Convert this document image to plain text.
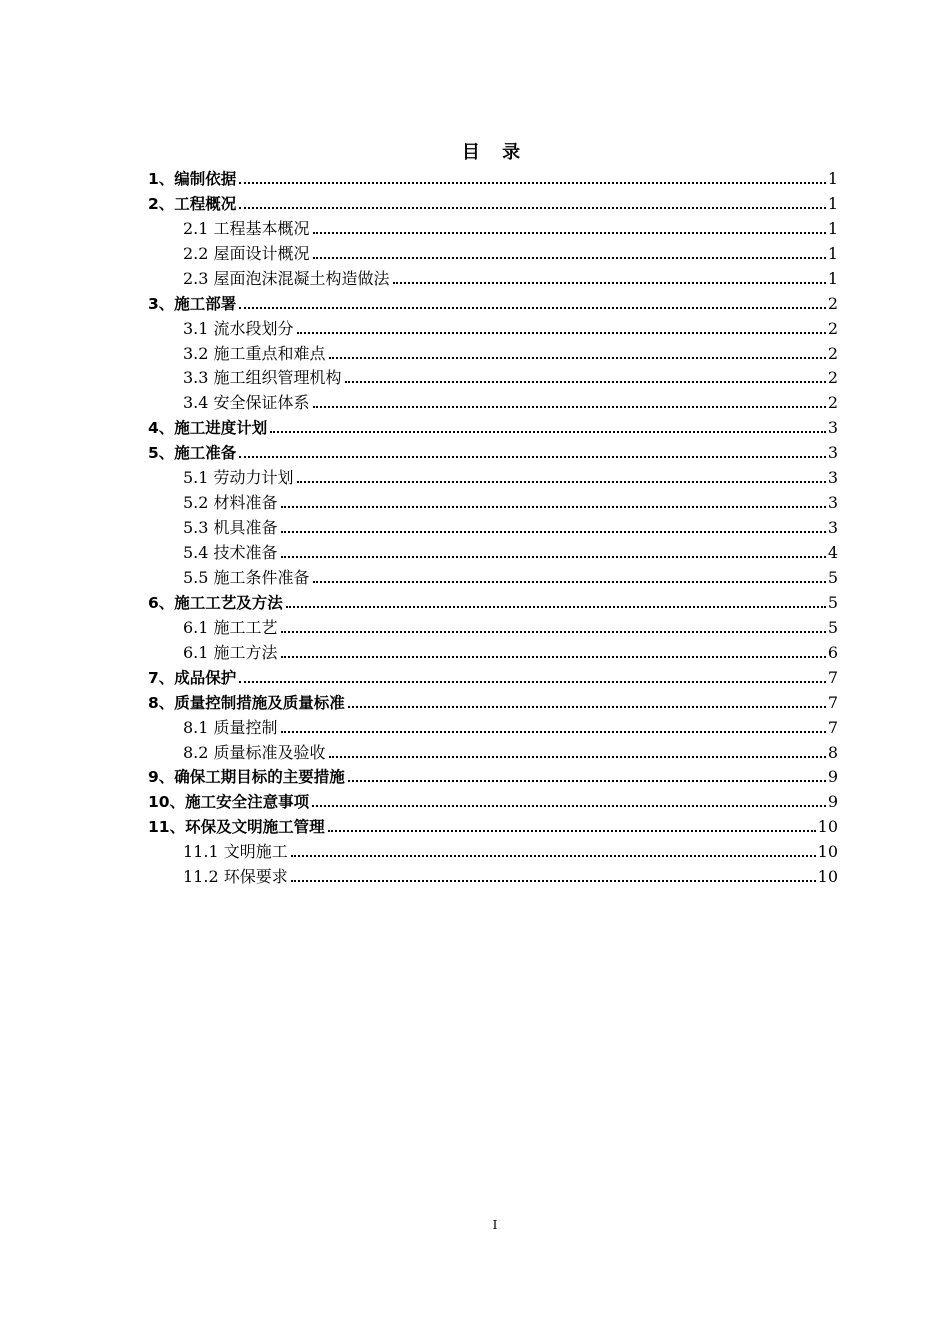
目 录
1、编制依据	1
2、工程概况	1
2.1 工程基本概况	1
2.2 屋面设计概况	1
2.3 屋面泡沫混凝土构造做法	1
3、施工部署	2
3.1 流水段划分	2
3.2 施工重点和难点	2
3.3 施工组织管理机构	2
3.4 安全保证体系	2
4、施工进度计划	3
5、施工准备	3
5.1 劳动力计划	3
5.2 材料准备	3
5.3 机具准备	3
5.4 技术准备	4
5.5 施工条件准备	5
6、施工工艺及方法	5
6.1 施工工艺	5
6.1 施工方法	6
7、成品保护	7
8、质量控制措施及质量标准	7
8.1 质量控制	7
8.2 质量标准及验收	8
9、确保工期目标的主要措施	9
10、施工安全注意事项	9
11、环保及文明施工管理	10
11.1 文明施工	10
11.2 环保要求	10
I
